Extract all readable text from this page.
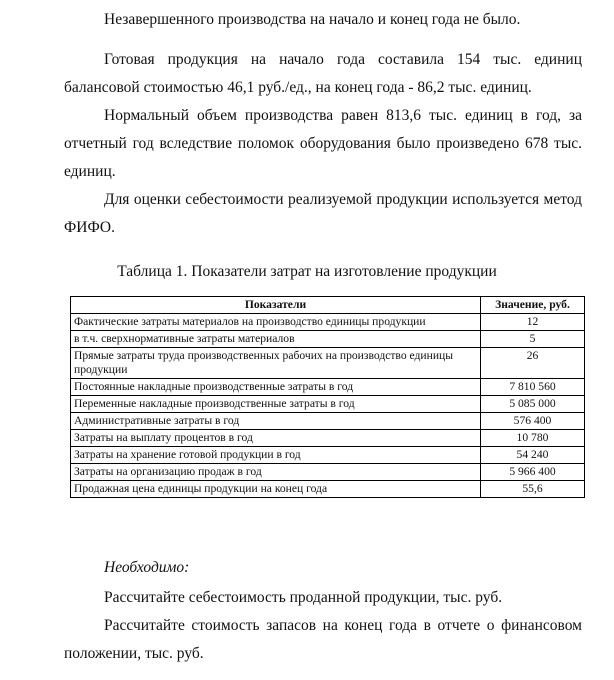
Незавершенного производства на начало и конец года не было.
Готовая продукция на начало года составила 154 тыс. единиц балансовой стоимостью 46,1 руб./ед., на конец года - 86,2 тыс. единиц.
Нормальный объем производства равен 813,6 тыс. единиц в год, за отчетный год вследствие поломок оборудования было произведено 678 тыс. единиц.
Для оценки себестоимости реализуемой продукции используется метод ФИФО.
Таблица 1. Показатели затрат на изготовление продукции
Показатели	Значение, руб.
Фактические затраты материалов на производство единицы продукции	12
в т.ч. сверхнормативные затраты материалов	5
Прямые затраты труда производственных рабочих на производство единицы продукции	26
Постоянные накладные производственные затраты в год	7 810 560
Переменные накладные производственные затраты в год	5 085 000
Административные затраты в год	576 400
Затраты на выплату процентов в год	10 780
Затраты на хранение готовой продукции в год	54 240
Затраты на организацию продаж в год	5 966 400
Продажная цена единицы продукции на конец года	55,6
Необходимо:
Рассчитайте себестоимость проданной продукции, тыс. руб.
Рассчитайте стоимость запасов на конец года в отчете о финансовом положении, тыс. руб.
